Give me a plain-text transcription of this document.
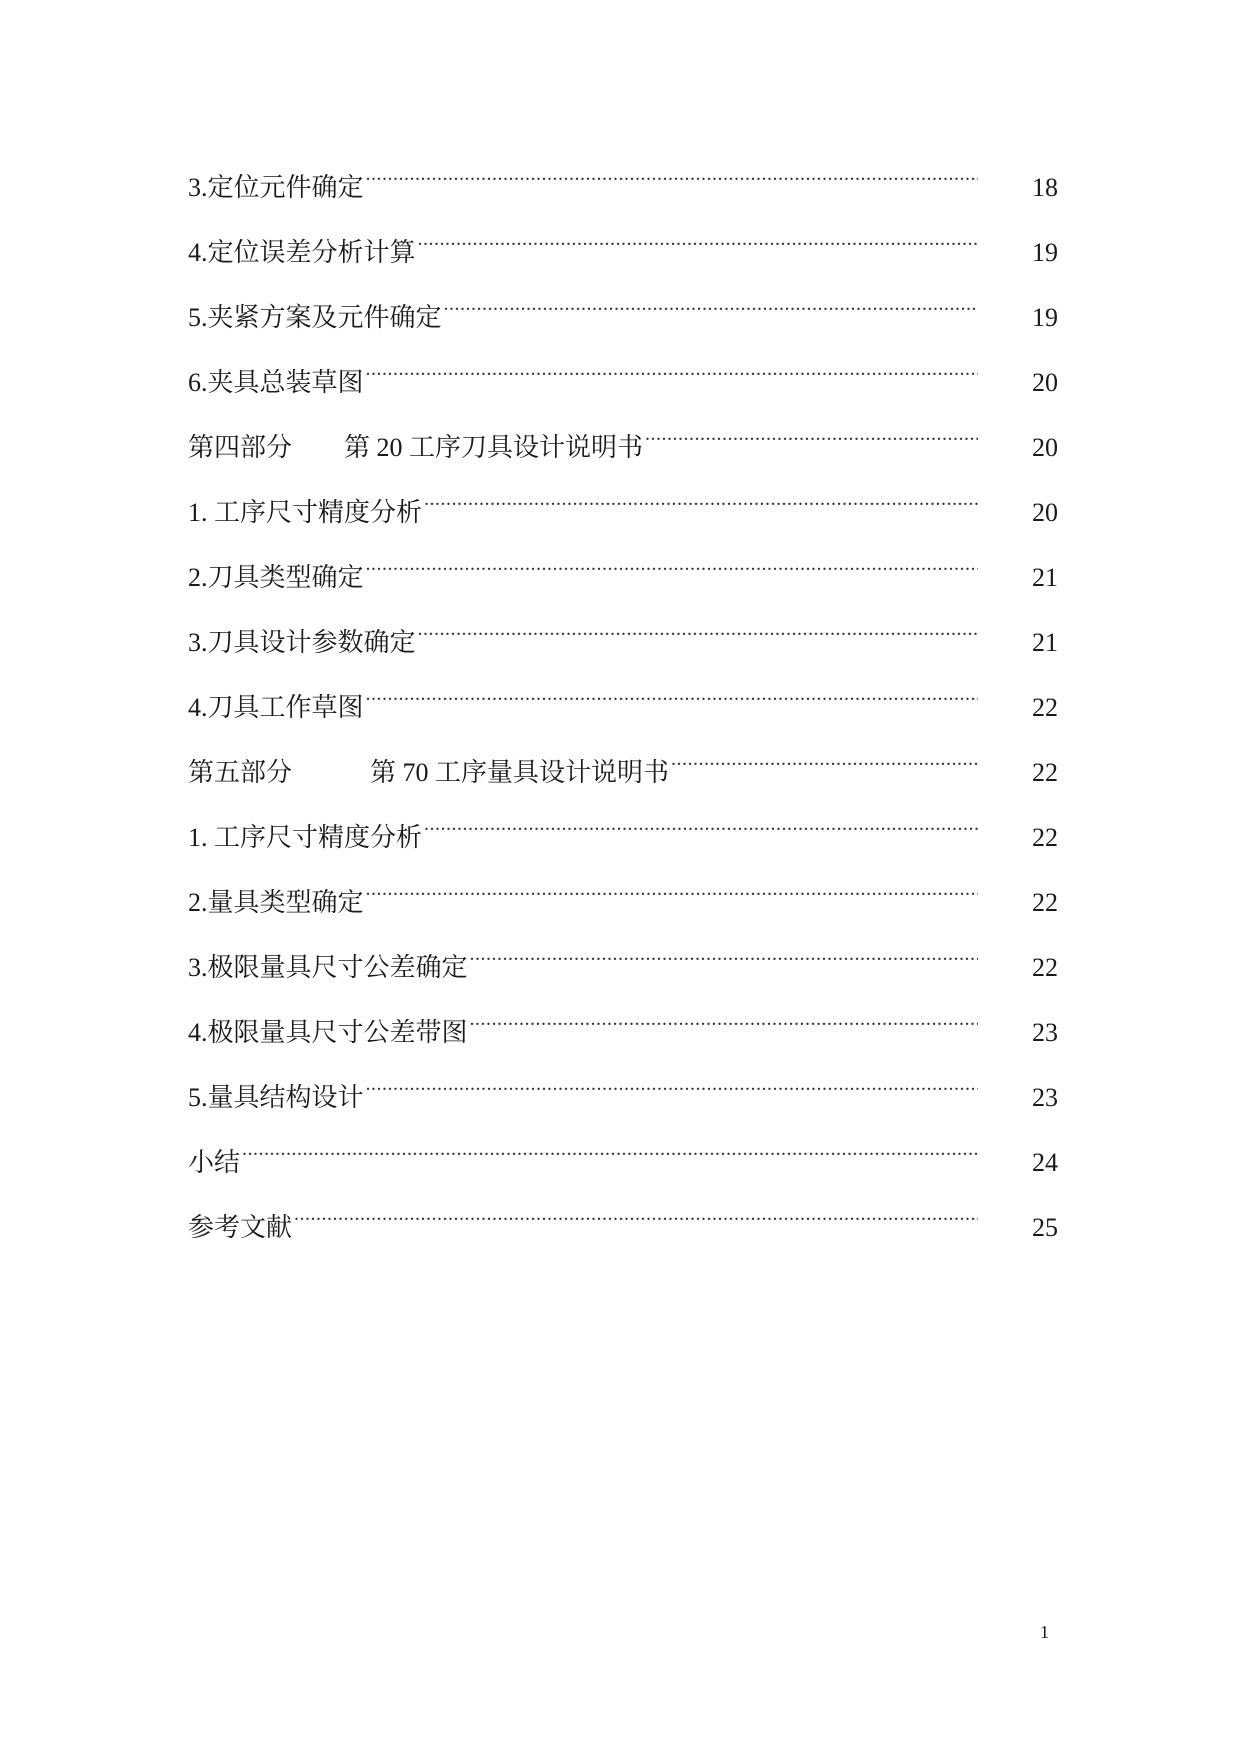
3.定位元件确定 .....	18
4.定位误差分析计算 .....	19
5.夹紧方案及元件确定 .....	19
6.夹具总装草图 .....	20
第四部分　　第 20 工序刀具设计说明书 .....	20
1. 工序尺寸精度分析 .....	20
2.刀具类型确定 .....	21
3.刀具设计参数确定 .....	21
4.刀具工作草图 .....	22
第五部分　　　第 70 工序量具设计说明书 .....	22
1. 工序尺寸精度分析 .....	22
2.量具类型确定 .....	22
3.极限量具尺寸公差确定 .....	22
4.极限量具尺寸公差带图 .....	23
5.量具结构设计 .....	23
小结 .....	24
参考文献 .....	25
1
